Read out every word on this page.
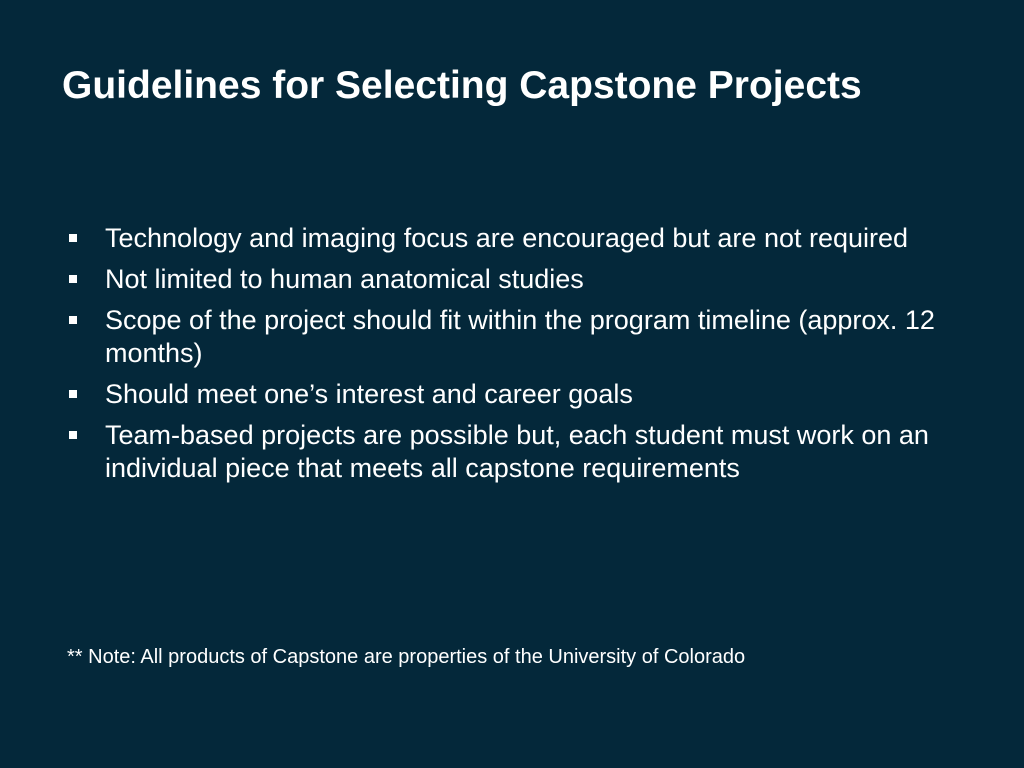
Guidelines for Selecting Capstone Projects
Technology and imaging focus are encouraged but are not required
Not limited to human anatomical studies
Scope of the project should fit within the program timeline (approx. 12 months)
Should meet one’s interest and career goals
Team-based projects are possible but, each student must work on an individual piece that meets all capstone requirements

** Note: All products of Capstone are properties of the University of Colorado
